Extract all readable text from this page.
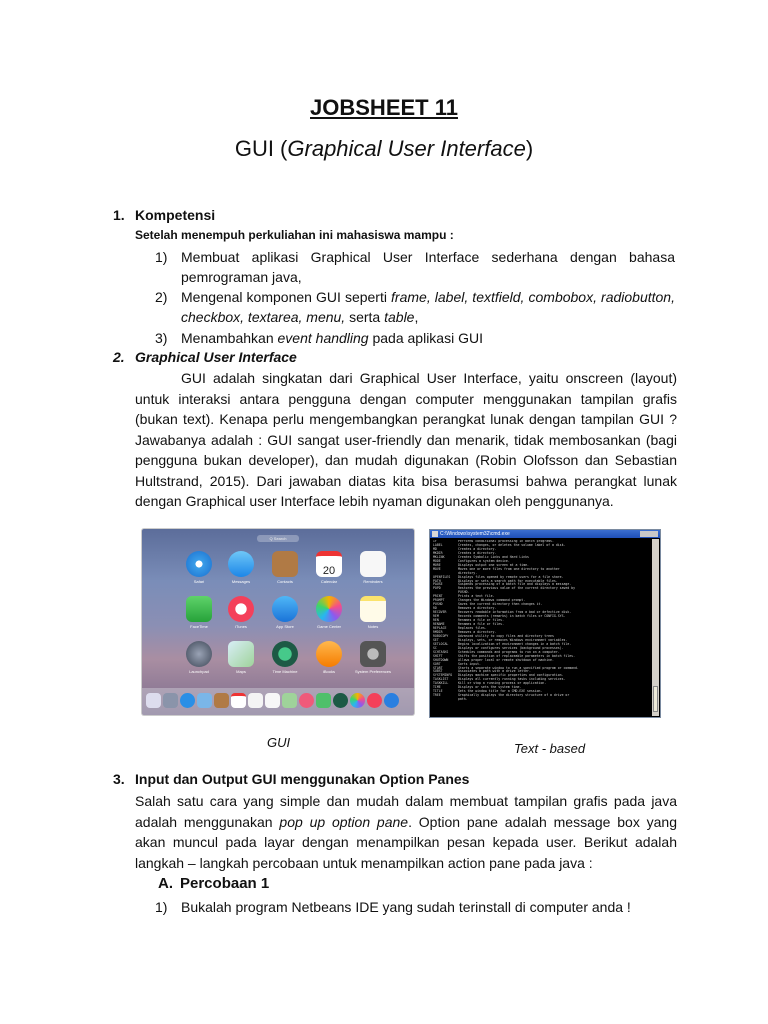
JOBSHEET 11
GUI (Graphical User Interface)
1. Kompetensi
Setelah menempuh perkuliahan ini mahasiswa mampu :
1) Membuat aplikasi Graphical User Interface sederhana dengan bahasa pemrograman java,
2) Mengenal komponen GUI seperti frame, label, textfield, combobox, radiobutton, checkbox, textarea, menu, serta table,
3) Menambahkan event handling pada aplikasi GUI
2. Graphical User Interface
GUI adalah singkatan dari Graphical User Interface, yaitu onscreen (layout) untuk interaksi antara pengguna dengan computer menggunakan tampilan grafis (bukan text). Kenapa perlu mengembangkan perangkat lunak dengan tampilan GUI ? Jawabanya adalah : GUI sangat user-friendly dan menarik, tidak membosankan (bagi pengguna bukan developer), dan mudah digunakan (Robin Olofsson dan Sebastian Hultstrand, 2015). Dari jawaban diatas kita bisa berasumsi bahwa perangkat lunak dengan Graphical user Interface lebih nyaman digunakan oleh penggunanya.
Q Search
Safari	Messages	Contacts
20
Calendar	Reminders
FaceTime	iTunes	App Store	Game Center	Notes
Launchpad	Maps	Time Machine	iBooks	System Preferences
C:\Windows\system32\cmd.exe
IF           Performs conditional processing in batch programs.
LABEL        Creates, changes, or deletes the volume label of a disk.
MD           Creates a directory.
MKDIR        Creates a directory.
MKLINK       Creates Symbolic Links and Hard Links
MODE         Configures a system device.
MORE         Displays output one screen at a time.
MOVE         Moves one or more files from one directory to another
directory.
OPENFILES    Displays files opened by remote users for a file share.
PATH         Displays or sets a search path for executable files.
PAUSE        Suspends processing of a batch file and displays a message.
POPD         Restores the previous value of the current directory saved by
PUSHD.
PRINT        Prints a text file.
PROMPT       Changes the Windows command prompt.
PUSHD        Saves the current directory then changes it.
RD           Removes a directory.
RECOVER      Recovers readable information from a bad or defective disk.
REM          Records comments (remarks) in batch files or CONFIG.SYS.
REN          Renames a file or files.
RENAME       Renames a file or files.
REPLACE      Replaces files.
RMDIR        Removes a directory.
ROBOCOPY     Advanced utility to copy files and directory trees
SET          Displays, sets, or removes Windows environment variables.
SETLOCAL     Begins localization of environment changes in a batch file.
SC           Displays or configures services (background processes).
SCHTASKS     Schedules commands and programs to run on a computer.
SHIFT        Shifts the position of replaceable parameters in batch files.
SHUTDOWN     Allows proper local or remote shutdown of machine.
SORT         Sorts input.
START        Starts a separate window to run a specified program or command.
SUBST        Associates a path with a drive letter.
SYSTEMINFO   Displays machine specific properties and configuration.
TASKLIST     Displays all currently running tasks including services.
TASKKILL     Kill or stop a running process or application.
TIME         Displays or sets the system time.
TITLE        Sets the window title for a CMD.EXE session.
TREE         Graphically displays the directory structure of a drive or
path.
GUI	Text - based
3. Input dan Output GUI menggunakan Option Panes
Salah satu cara yang simple dan mudah dalam membuat tampilan grafis pada java adalah menggunakan pop up option pane. Option pane adalah message box yang akan muncul pada layar dengan menampilkan pesan kepada user. Berikut adalah langkah – langkah percobaan untuk menampilkan action pane pada java :
A. Percobaan 1
1) Bukalah program Netbeans IDE yang sudah terinstall di computer anda !
